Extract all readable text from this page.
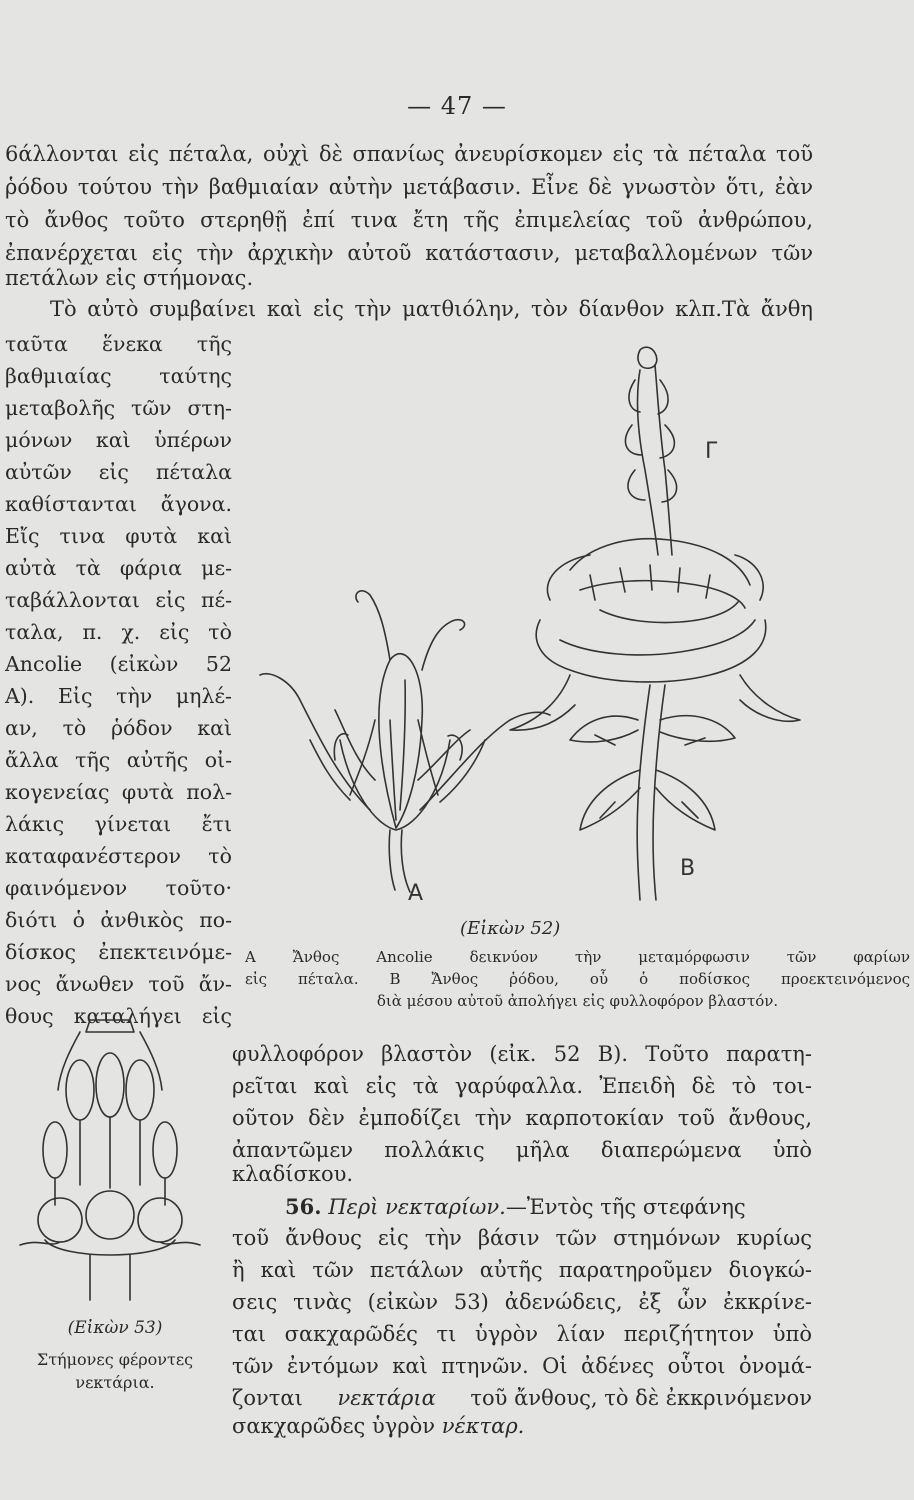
— 47 —
6άλλονται εἰς πέταλα, οὐχὶ δὲ σπανίως ἀνευρίσκομεν εἰς τὰ πέταλα τοῦ
ῥόδου τούτου τὴν βαθμιαίαν αὐτὴν μετάβασιν. Εἶνε δὲ γνωστὸν ὅτι, ἐὰν
τὸ ἄνθος τοῦτο στερηθῇ ἐπί τινα ἔτη τῆς ἐπιμελείας τοῦ ἀνθρώπου,
ἐπανέρχεται εἰς τὴν ἀρχικὴν αὐτοῦ κατάστασιν, μεταβαλλομένων τῶν
πετάλων εἰς στήμονας.
Τὸ αὐτὸ συμβαίνει καὶ εἰς τὴν ματθιόλην, τὸν δίανθον κλπ.Τὰ ἄνθη
ταῦτα ἕνεκα τῆς
βαθμιαίας ταύτης
μεταβολῆς τῶν στη-
μόνων καὶ ὑπέρων
αὐτῶν εἰς πέταλα
καθίστανται ἄγονα.
Εἴς τινα φυτὰ καὶ
αὐτὰ τὰ φάρια με-
ταβάλλονται εἰς πέ-
ταλα, π. χ. εἰς τὸ
Ancolie (εἰκὼν 52
A). Εἰς τὴν μηλέ-
αν, τὸ ῥόδον καὶ
ἄλλα τῆς αὐτῆς οἰ-
κογενείας φυτὰ πολ-
λάκις γίνεται ἔτι
καταφανέστερον τὸ
φαινόμενον τοῦτο·
διότι ὁ ἀνθικὸς πο-
δίσκος ἐπεκτεινόμε-
νος ἄνωθεν τοῦ ἄν-
θους καταλήγει εἰς
A
B
Γ
(Εἰκὼν 52)
A Ἄνθος Ancolie δεικνύον τὴν μεταμόρφωσιν τῶν φαρίων
εἰς πέταλα. B Ἄνθος ῥόδου, οὗ ὁ ποδίσκος προεκτεινόμενος
διὰ μέσου αὐτοῦ ἀπολήγει εἰς φυλλοφόρον βλαστόν.
(Εἰκὼν 53)
Στήμονες φέροντες
νεκτάρια.
φυλλοφόρον βλαστὸν (εἰκ. 52 B). Τοῦτο παρατη-
ρεῖται καὶ εἰς τὰ γαρύφαλλα. Ἐπειδὴ δὲ τὸ τοι-
οῦτον δὲν ἐμποδίζει τὴν καρποτοκίαν τοῦ ἄνθους,
ἀπαντῶμεν πολλάκις μῆλα διαπερώμενα ὑπὸ
κλαδίσκου.
56. Περὶ νεκταρίων.—Ἐντὸς τῆς στεφάνης
τοῦ ἄνθους εἰς τὴν βάσιν τῶν στημόνων κυρίως
ἢ καὶ τῶν πετάλων αὐτῆς παρατηροῦμεν διογκώ-
σεις τινὰς (εἰκὼν 53) ἀδενώδεις, ἐξ ὧν ἐκκρίνε-
ται σακχαρῶδές τι ὑγρὸν λίαν περιζήτητον ὑπὸ
τῶν ἐντόμων καὶ πτηνῶν. Οἱ ἀδένες οὗτοι ὀνομά-
ζονται νεκτάρια τοῦ ἄνθους, τὸ δὲ ἐκκρινόμενον
σακχαρῶδες ὑγρὸν νέκταρ.
